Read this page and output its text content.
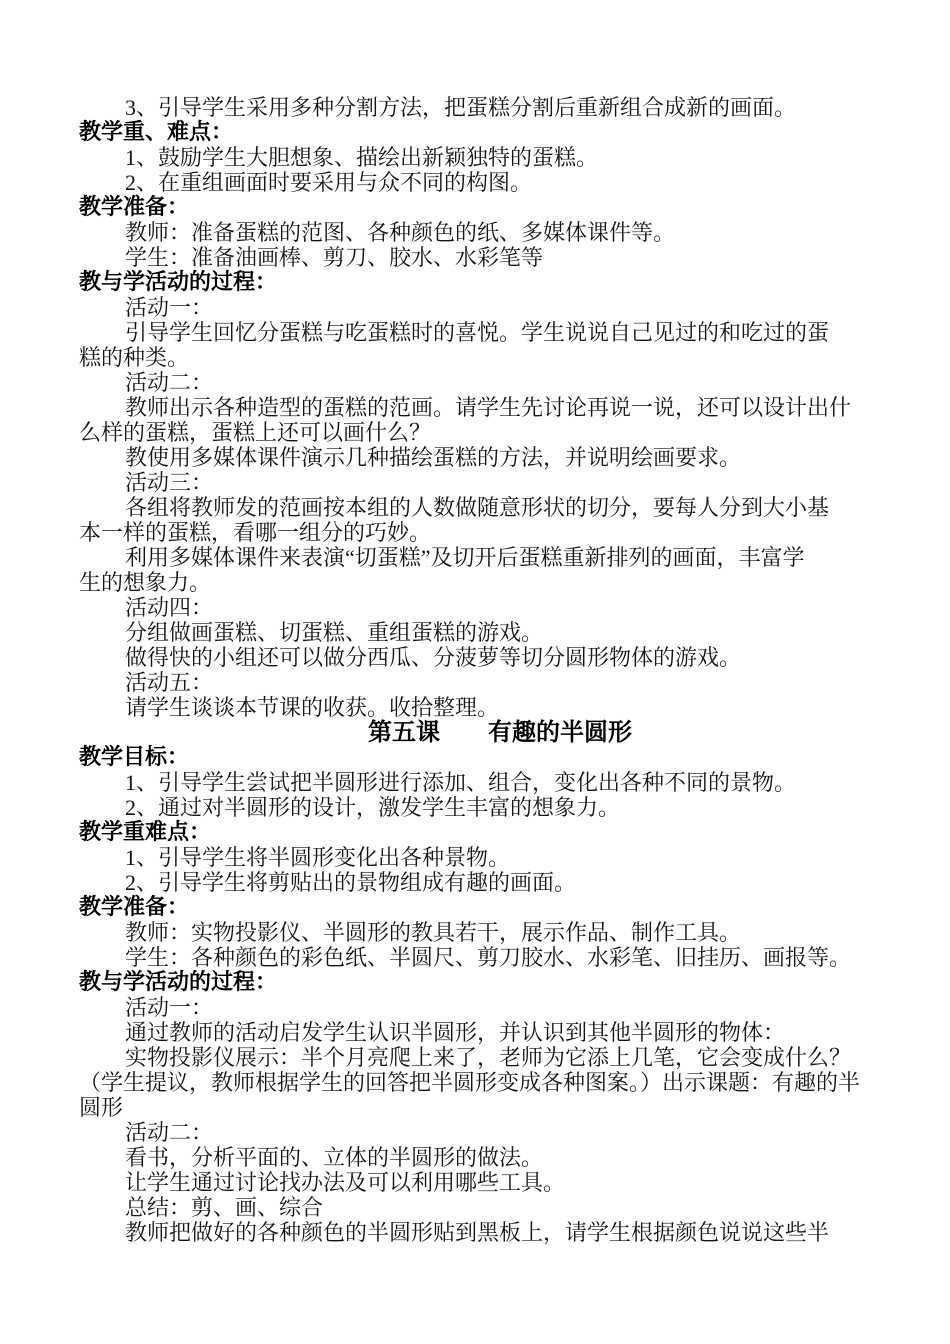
3、引导学生采用多种分割方法，把蛋糕分割后重新组合成新的画面。
教学重、难点：
1、鼓励学生大胆想象、描绘出新颖独特的蛋糕。
2、在重组画面时要采用与众不同的构图。
教学准备：
教师：准备蛋糕的范图、各种颜色的纸、多媒体课件等。
学生：准备油画棒、剪刀、胶水、水彩笔等
教与学活动的过程：
活动一：
引导学生回忆分蛋糕与吃蛋糕时的喜悦。学生说说自己见过的和吃过的蛋
糕的种类。
活动二：
教师出示各种造型的蛋糕的范画。请学生先讨论再说一说，还可以设计出什
么样的蛋糕，蛋糕上还可以画什么？
教使用多媒体课件演示几种描绘蛋糕的方法，并说明绘画要求。
活动三：
各组将教师发的范画按本组的人数做随意形状的切分，要每人分到大小基
本一样的蛋糕，看哪一组分的巧妙。
利用多媒体课件来表演“切蛋糕”及切开后蛋糕重新排列的画面，丰富学
生的想象力。
活动四：
分组做画蛋糕、切蛋糕、重组蛋糕的游戏。
做得快的小组还可以做分西瓜、分菠萝等切分圆形物体的游戏。
活动五：
请学生谈谈本节课的收获。收拾整理。
第五课　　有趣的半圆形
教学目标：
1、引导学生尝试把半圆形进行添加、组合，变化出各种不同的景物。
2、通过对半圆形的设计，激发学生丰富的想象力。
教学重难点：
1、引导学生将半圆形变化出各种景物。
2、引导学生将剪贴出的景物组成有趣的画面。
教学准备：
教师：实物投影仪、半圆形的教具若干，展示作品、制作工具。
学生：各种颜色的彩色纸、半圆尺、剪刀胶水、水彩笔、旧挂历、画报等。
教与学活动的过程：
活动一：
通过教师的活动启发学生认识半圆形，并认识到其他半圆形的物体：
实物投影仪展示：半个月亮爬上来了，老师为它添上几笔，它会变成什么？
（学生提议，教师根据学生的回答把半圆形变成各种图案。）出示课题：有趣的半
圆形
活动二：
看书，分析平面的、立体的半圆形的做法。
让学生通过讨论找办法及可以利用哪些工具。
总结：剪、画、综合
教师把做好的各种颜色的半圆形贴到黑板上，请学生根据颜色说说这些半
